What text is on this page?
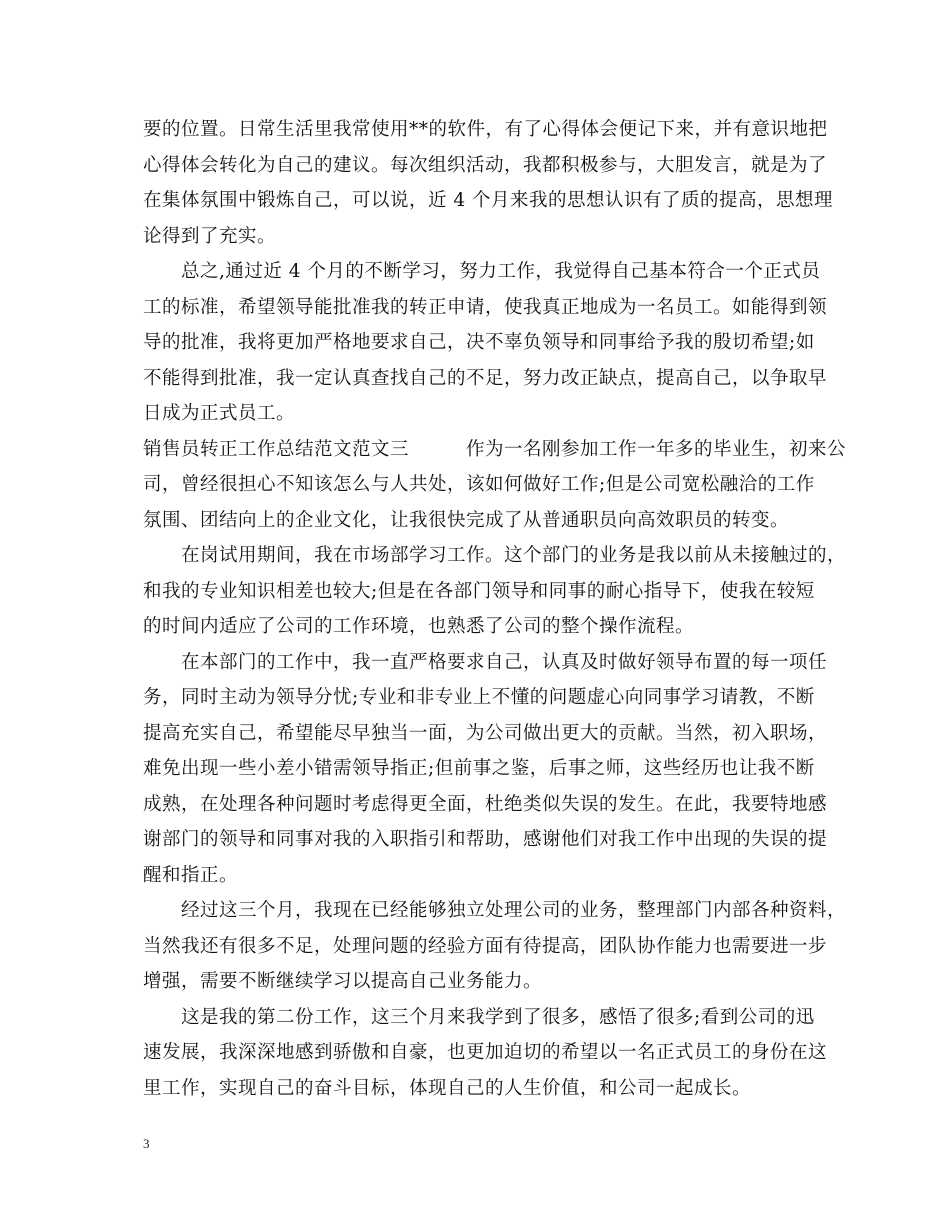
要的位置。日常生活里我常使用**的软件，有了心得体会便记下来，并有意识地把
心得体会转化为自己的建议。每次组织活动，我都积极参与，大胆发言，就是为了
在集体氛围中锻炼自己，可以说，近 4 个月来我的思想认识有了质的提高，思想理
论得到了充实。
　　总之,通过近 4 个月的不断学习，努力工作，我觉得自己基本符合一个正式员
工的标准，希望领导能批准我的转正申请，使我真正地成为一名员工。如能得到领
导的批准，我将更加严格地要求自己，决不辜负领导和同事给予我的殷切希望;如
不能得到批准，我一定认真查找自己的不足，努力改正缺点，提高自己，以争取早
日成为正式员工。
销售员转正工作总结范文范文三　　　作为一名刚参加工作一年多的毕业生，初来公
司，曾经很担心不知该怎么与人共处，该如何做好工作;但是公司宽松融洽的工作
氛围、团结向上的企业文化，让我很快完成了从普通职员向高效职员的转变。
　　在岗试用期间，我在市场部学习工作。这个部门的业务是我以前从未接触过的，
和我的专业知识相差也较大;但是在各部门领导和同事的耐心指导下，使我在较短
的时间内适应了公司的工作环境，也熟悉了公司的整个操作流程。
　　在本部门的工作中，我一直严格要求自己，认真及时做好领导布置的每一项任
务，同时主动为领导分忧;专业和非专业上不懂的问题虚心向同事学习请教，不断
提高充实自己，希望能尽早独当一面，为公司做出更大的贡献。当然，初入职场，
难免出现一些小差小错需领导指正;但前事之鉴，后事之师，这些经历也让我不断
成熟，在处理各种问题时考虑得更全面，杜绝类似失误的发生。在此，我要特地感
谢部门的领导和同事对我的入职指引和帮助，感谢他们对我工作中出现的失误的提
醒和指正。
　　经过这三个月，我现在已经能够独立处理公司的业务，整理部门内部各种资料，
当然我还有很多不足，处理问题的经验方面有待提高，团队协作能力也需要进一步
增强，需要不断继续学习以提高自己业务能力。
　　这是我的第二份工作，这三个月来我学到了很多，感悟了很多;看到公司的迅
速发展，我深深地感到骄傲和自豪，也更加迫切的希望以一名正式员工的身份在这
里工作，实现自己的奋斗目标，体现自己的人生价值，和公司一起成长。
3
